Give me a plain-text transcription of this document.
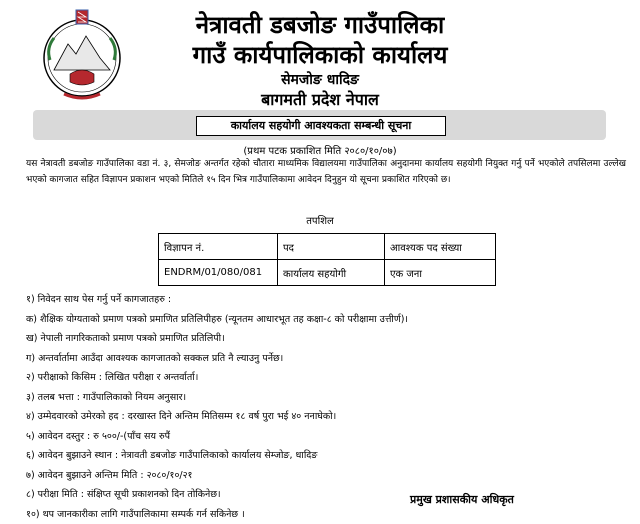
नेत्रावती डबजोङ गाउँपालिका
गाउँ कार्यपालिकाको कार्यालय
सेमजोङ धादिङ
बागमती प्रदेश नेपाल
कार्यालय सहयोगी आवश्यकता सम्बन्धी सूचना
(प्रथम पटक प्रकाशित मिति २०८०/१०/०७)
यस नेत्रावती डबजोङ गाउँपालिका वडा नं. ३, सेमजोङ अन्तर्गत रहेको चौतारा माध्यमिक विद्यालयमा गाउँपालिका अनुदानमा कार्यालय सहयोगी नियुक्त गर्नु पर्ने भएकोले तपसिलमा उल्लेख भएको कागजात सहित विज्ञापन प्रकाशन भएको मितिले १५ दिन भित्र गाउँपालिकामा आवेदन दिनुहुन यो सूचना प्रकाशित गरिएको छ।
तपशिल
विज्ञापन नं.	पद	आवश्यक पद संख्या
ENDRM/01/080/081	कार्यालय सहयोगी	एक जना
१) निवेदन साथ पेस गर्नु पर्ने कागजातहरु :
क) शैक्षिक योग्यताको प्रमाण पत्रको प्रमाणित प्रतिलिपीहरु (न्यूनतम आधारभूत तह कक्षा-८ को परीक्षामा उत्तीर्ण)।
ख) नेपाली नागरिकताको प्रमाण पत्रको प्रमाणित प्रतिलिपी।
ग) अन्तर्वार्तामा आउँदा आवश्यक कागजातको सक्कल प्रति नै ल्याउनु पर्नेछ।
२) परीक्षाको किसिम : लिखित परीक्षा र अन्तर्वार्ता।
३) तलब भत्ता : गाउँपालिकाको नियम अनुसार।
४) उम्मेदवारको उमेरको हद : दरखास्त दिने अन्तिम मितिसम्म १८ वर्ष पुरा भई ४० ननाघेको।
५) आवेदन दस्तुर : रु ५००/-(पाँच सय रुपैं
६) आवेदन बुझाउने स्थान : नेत्रावती डबजोङ गाउँपालिकाको कार्यालय सेम्जोङ, धादिङ
७) आवेदन बुझाउने अन्तिम मिति : २०८०/१०/२१
८) परीक्षा मिति : संक्षिप्त सूची प्रकाशनको दिन तोकिनेछ।
१०) थप जानकारीका लागि गाउँपालिकामा सम्पर्क गर्न सकिनेछ ।
प्रमुख प्रशासकीय अधिकृत
